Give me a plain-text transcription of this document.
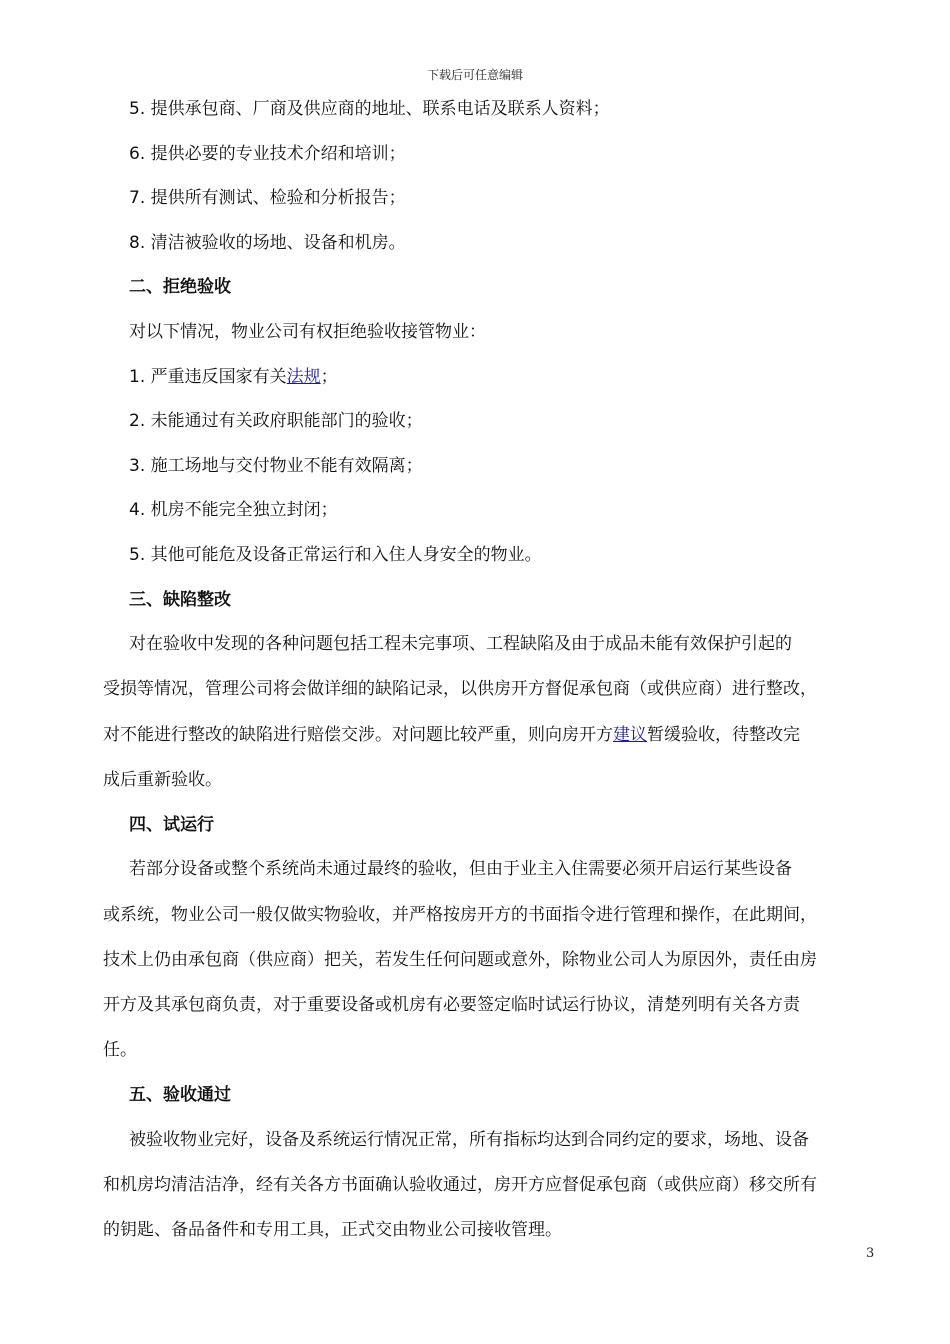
下载后可任意编辑
5. 提供承包商、厂商及供应商的地址、联系电话及联系人资料；
6. 提供必要的专业技术介绍和培训；
7. 提供所有测试、检验和分析报告；
8. 清洁被验收的场地、设备和机房。
二、拒绝验收
对以下情况，物业公司有权拒绝验收接管物业：
1. 严重违反国家有关法规；
2. 未能通过有关政府职能部门的验收；
3. 施工场地与交付物业不能有效隔离；
4. 机房不能完全独立封闭；
5. 其他可能危及设备正常运行和入住人身安全的物业。
三、缺陷整改
对在验收中发现的各种问题包括工程未完事项、工程缺陷及由于成品未能有效保护引起的
受损等情况，管理公司将会做详细的缺陷记录，以供房开方督促承包商（或供应商）进行整改，
对不能进行整改的缺陷进行赔偿交涉。对问题比较严重，则向房开方建议暂缓验收，待整改完
成后重新验收。
四、试运行
若部分设备或整个系统尚未通过最终的验收，但由于业主入住需要必须开启运行某些设备
或系统，物业公司一般仅做实物验收，并严格按房开方的书面指令进行管理和操作，在此期间，
技术上仍由承包商（供应商）把关，若发生任何问题或意外，除物业公司人为原因外，责任由房
开方及其承包商负责，对于重要设备或机房有必要签定临时试运行协议，清楚列明有关各方责
任。
五、验收通过
被验收物业完好，设备及系统运行情况正常，所有指标均达到合同约定的要求，场地、设备
和机房均清洁洁净，经有关各方书面确认验收通过，房开方应督促承包商（或供应商）移交所有
的钥匙、备品备件和专用工具，正式交由物业公司接收管理。
3
